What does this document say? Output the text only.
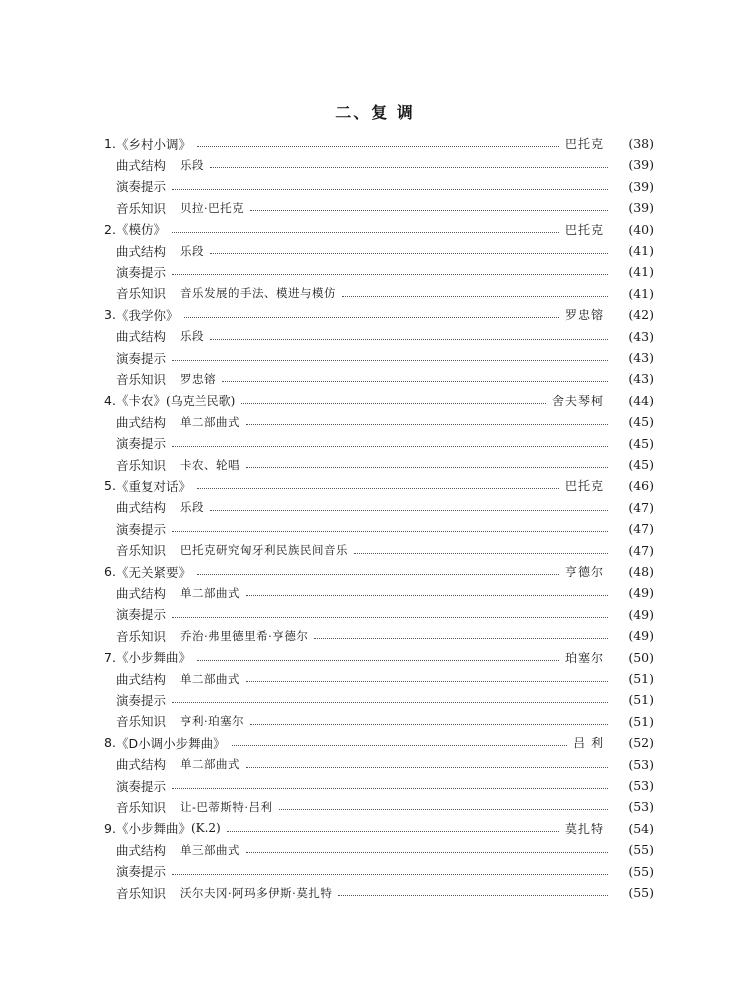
二、复 调
1. 《乡村小调》	巴托克	(38)
曲式结构 乐段	(39)
演奏提示	(39)
音乐知识 贝拉·巴托克	(39)
2. 《模仿》	巴托克	(40)
曲式结构 乐段	(41)
演奏提示	(41)
音乐知识 音乐发展的手法、模进与模仿	(41)
3. 《我学你》	罗忠镕	(42)
曲式结构 乐段	(43)
演奏提示	(43)
音乐知识 罗忠镕	(43)
4. 《卡农》 (乌克兰民歌)	舍夫琴柯	(44)
曲式结构 单二部曲式	(45)
演奏提示	(45)
音乐知识 卡农、轮唱	(45)
5. 《重复对话》	巴托克	(46)
曲式结构 乐段	(47)
演奏提示	(47)
音乐知识 巴托克研究匈牙利民族民间音乐	(47)
6. 《无关紧要》	亨德尔	(48)
曲式结构 单二部曲式	(49)
演奏提示	(49)
音乐知识 乔治·弗里德里希·亨德尔	(49)
7. 《小步舞曲》	珀塞尔	(50)
曲式结构 单二部曲式	(51)
演奏提示	(51)
音乐知识 亨利·珀塞尔	(51)
8. 《D小调小步舞曲》	吕 利	(52)
曲式结构 单二部曲式	(53)
演奏提示	(53)
音乐知识 让-巴蒂斯特·吕利	(53)
9. 《小步舞曲》 (K.2)	莫扎特	(54)
曲式结构 单三部曲式	(55)
演奏提示	(55)
音乐知识 沃尔夫冈·阿玛多伊斯·莫扎特	(55)
